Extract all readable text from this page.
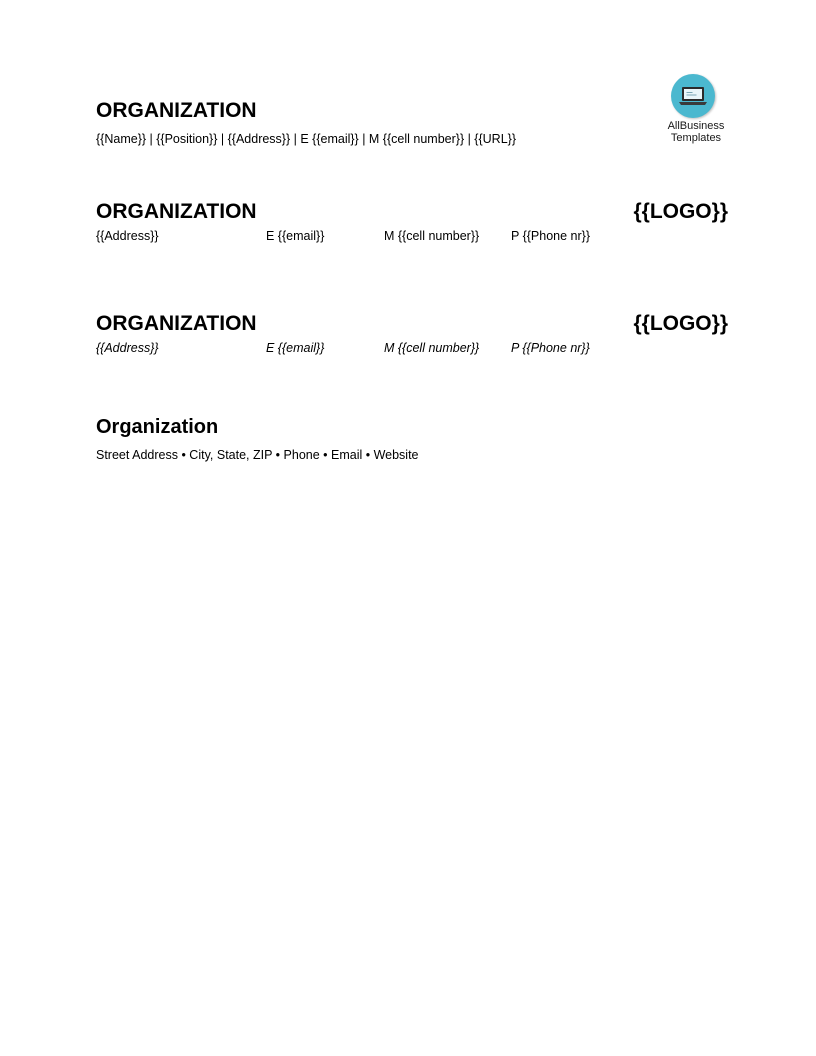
AllBusiness
Templates
ORGANIZATION
{{Name}} | {{Position}} | {{Address}} | E {{email}} | M {{cell number}} | {{URL}}
ORGANIZATION	{{LOGO}}
{{Address}}	E {{email}}	M {{cell number}}	P {{Phone nr}}
ORGANIZATION	{{LOGO}}
{{Address}}	E {{email}}	M {{cell number}}	P {{Phone nr}}
Organization
Street Address • City, State, ZIP • Phone • Email • Website
